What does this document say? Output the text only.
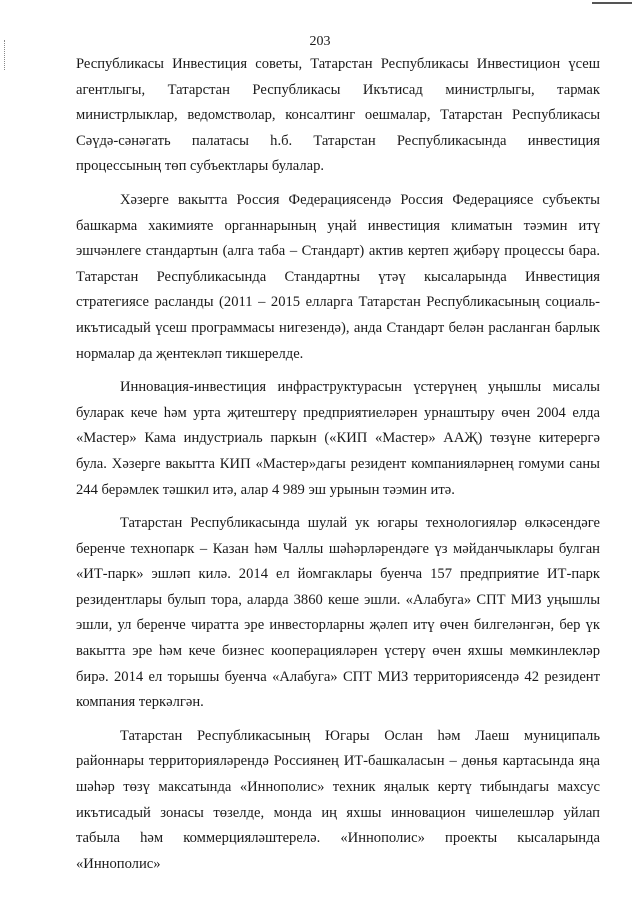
203

Республикасы Инвестиция советы, Татарстан Республикасы Инвестицион үсеш агентлыгы, Татарстан Республикасы Икътисад министрлыгы, тармак министрлыклар, ведомстволар, консалтинг оешмалар, Татарстан Республикасы Сәүдә-сәнәгать палатасы һ.б. Татарстан Республикасында инвестиция процессының төп субъектлары булалар.

Хәзерге вакытта Россия Федерациясендә Россия Федерациясе субъекты башкарма хакимияте органнарының уңай инвестиция климатын тәэмин итү эшчәнлеге стандартын (алга таба – Стандарт) актив кертеп җибәрү процессы бара. Татарстан Республикасында Стандартны үтәү кысаларында Инвестиция стратегиясе расланды (2011 – 2015 елларга Татарстан Республикасының социаль-икътисадый үсеш программасы нигезендә), анда Стандарт белән расланган барлык нормалар да җентекләп тикшерелде.

Инновация-инвестиция инфраструктурасын үстерүнең уңышлы мисалы буларак кече һәм урта җитештерү предприятиеләрен урнаштыру өчен 2004 елда «Мастер» Кама индустриаль паркын («КИП «Мастер» ААҖ) төзүне китерергә була. Хәзерге вакытта КИП «Мастер»дагы резидент компанияләрнең гомуми саны 244 берәмлек тәшкил итә, алар 4 989 эш урынын тәэмин итә.

Татарстан Республикасында шулай ук югары технологияләр өлкәсендәге беренче технопарк – Казан һәм Чаллы шәһәрләрендәге үз мәйданчыклары булган «ИТ-парк» эшләп килә. 2014 ел йомгаклары буенча 157 предприятие ИТ-парк резидентлары булып тора, аларда 3860 кеше эшли. «Алабуга» СПТ МИЗ уңышлы эшли, ул беренче чиратта эре инвесторларны җәлеп итү өчен билгеләнгән, бер үк вакытта эре һәм кече бизнес кооперацияләрен үстерү өчен яхшы мөмкинлекләр бирә. 2014 ел торышы буенча «Алабуга» СПТ МИЗ территориясендә 42 резидент компания теркәлгән.

Татарстан Республикасының Югары Ослан һәм Лаеш муниципаль районнары территорияләрендә Россиянең ИТ-башкаласын – дөнья картасында яңа шәһәр төзү максатында «Иннополис» техник яңалык кертү тибындагы махсус икътисадый зонасы төзелде, монда иң яхшы инновацион чишелешләр уйлап табыла һәм коммерцияләштерелә. «Иннополис» проекты кысаларында «Иннополис»
